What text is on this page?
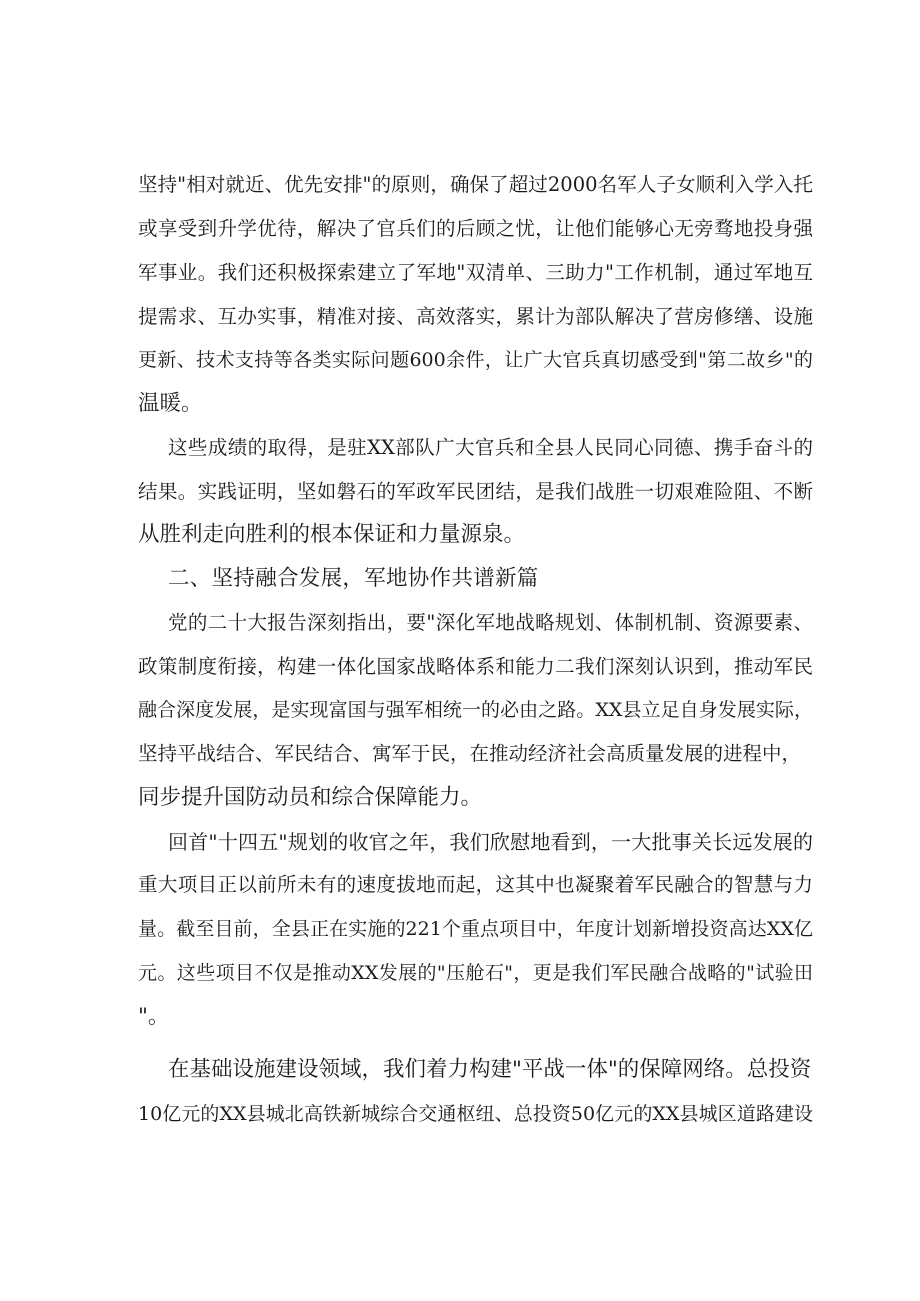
坚持"相对就近、优先安排"的原则，确保了超过2000名军人子女顺利入学入托
或享受到升学优待，解决了官兵们的后顾之忧，让他们能够心无旁骛地投身强
军事业。我们还积极探索建立了军地"双清单、三助力"工作机制，通过军地互
提需求、互办实事，精准对接、高效落实，累计为部队解决了营房修缮、设施
更新、技术支持等各类实际问题600余件，让广大官兵真切感受到"第二故乡"的
温暖。
这些成绩的取得，是驻XX部队广大官兵和全县人民同心同德、携手奋斗的
结果。实践证明，坚如磐石的军政军民团结，是我们战胜一切艰难险阻、不断
从胜利走向胜利的根本保证和力量源泉。
二、坚持融合发展，军地协作共谱新篇
党的二十大报告深刻指出，要"深化军地战略规划、体制机制、资源要素、
政策制度衔接，构建一体化国家战略体系和能力二我们深刻认识到，推动军民
融合深度发展，是实现富国与强军相统一的必由之路。XX县立足自身发展实际，
坚持平战结合、军民结合、寓军于民，在推动经济社会高质量发展的进程中，
同步提升国防动员和综合保障能力。
回首"十四五"规划的收官之年，我们欣慰地看到，一大批事关长远发展的
重大项目正以前所未有的速度拔地而起，这其中也凝聚着军民融合的智慧与力
量。截至目前，全县正在实施的221个重点项目中，年度计划新增投资高达XX亿
元。这些项目不仅是推动XX发展的"压舱石"，更是我们军民融合战略的"试验田
"。
在基础设施建设领域，我们着力构建"平战一体"的保障网络。总投资
10亿元的XX县城北高铁新城综合交通枢纽、总投资50亿元的XX县城区道路建设
